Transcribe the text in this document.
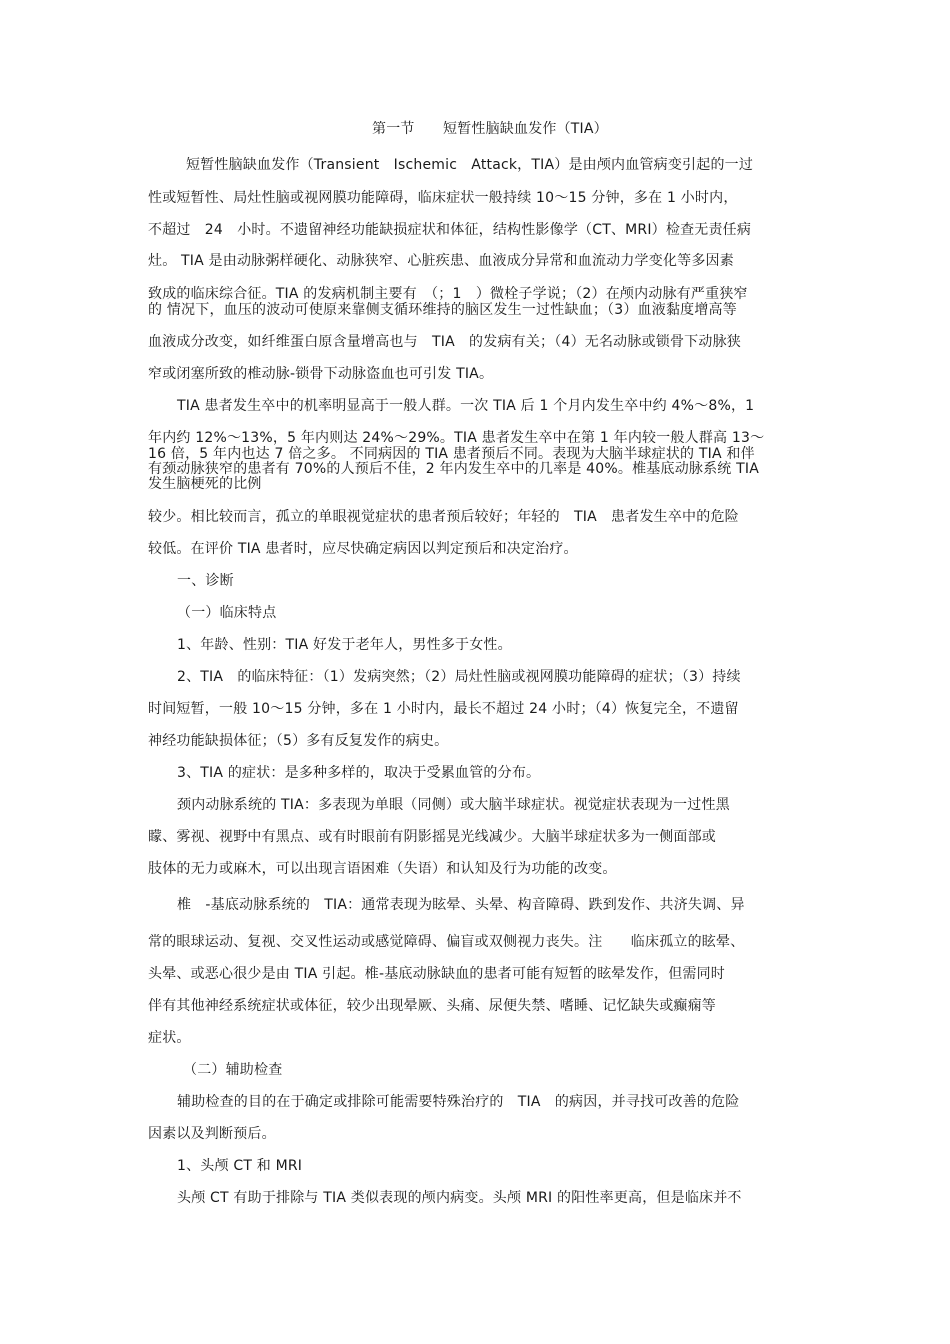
第一节　　短暂性脑缺血发作（TIA）
短暂性脑缺血发作（Transient　Ischemic　Attack，TIA）是由颅内血管病变引起的一过
性或短暂性、局灶性脑或视网膜功能障碍，临床症状一般持续 10～15 分钟，多在 1 小时内，
不超过　24　小时。不遗留神经功能缺损症状和体征，结构性影像学（CT、MRI）检查无责任病
灶。 TIA 是由动脉粥样硬化、动脉狭窄、心脏疾患、血液成分异常和血流动力学变化等多因素
致成的临床综合征。TIA 的发病机制主要有　（；1　）微栓子学说；（2）在颅内动脉有严重狭窄
的 情况下，血压的波动可使原来靠侧支循环维持的脑区发生一过性缺血；（3）血液黏度增高等
血液成分改变，如纤维蛋白原含量增高也与　TIA　的发病有关；（4）无名动脉或锁骨下动脉狭
窄或闭塞所致的椎动脉-锁骨下动脉盗血也可引发 TIA。
TIA 患者发生卒中的机率明显高于一般人群。一次 TIA 后 1 个月内发生卒中约 4%～8%，1
年内约 12%～13%，5 年内则达 24%～29%。TIA 患者发生卒中在第 1 年内较一般人群高 13～
16 倍，5 年内也达 7 倍之多。 不同病因的 TIA 患者预后不同。表现为大脑半球症状的 TIA 和伴
有颈动脉狭窄的患者有 70%的人预后不佳，2 年内发生卒中的几率是 40%。椎基底动脉系统 TIA
发生脑梗死的比例
较少。相比较而言，孤立的单眼视觉症状的患者预后较好；年轻的　TIA　患者发生卒中的危险
较低。在评价 TIA 患者时，应尽快确定病因以判定预后和决定治疗。
一、诊断
（一）临床特点
1、年龄、性别：TIA 好发于老年人，男性多于女性。
2、TIA　的临床特征：（1）发病突然；（2）局灶性脑或视网膜功能障碍的症状；（3）持续
时间短暂，一般 10～15 分钟，多在 1 小时内，最长不超过 24 小时；（4）恢复完全，不遗留
神经功能缺损体征；（5）多有反复发作的病史。
3、TIA 的症状：是多种多样的，取决于受累血管的分布。
颈内动脉系统的 TIA：多表现为单眼（同侧）或大脑半球症状。视觉症状表现为一过性黑
矇、雾视、视野中有黑点、或有时眼前有阴影摇晃光线减少。大脑半球症状多为一侧面部或
肢体的无力或麻木，可以出现言语困难（失语）和认知及行为功能的改变。
椎　-基底动脉系统的　TIA：通常表现为眩晕、头晕、构音障碍、跌到发作、共济失调、异
常的眼球运动、复视、交叉性运动或感觉障碍、偏盲或双侧视力丧失。注　　临床孤立的眩晕、
头晕、或恶心很少是由 TIA 引起。椎-基底动脉缺血的患者可能有短暂的眩晕发作，但需同时
伴有其他神经系统症状或体征，较少出现晕厥、头痛、尿便失禁、嗜睡、记忆缺失或癫痫等
症状。
（二）辅助检查
辅助检查的目的在于确定或排除可能需要特殊治疗的　TIA　的病因，并寻找可改善的危险
因素以及判断预后。
1、头颅 CT 和 MRI
头颅 CT 有助于排除与 TIA 类似表现的颅内病变。头颅 MRI 的阳性率更高，但是临床并不
